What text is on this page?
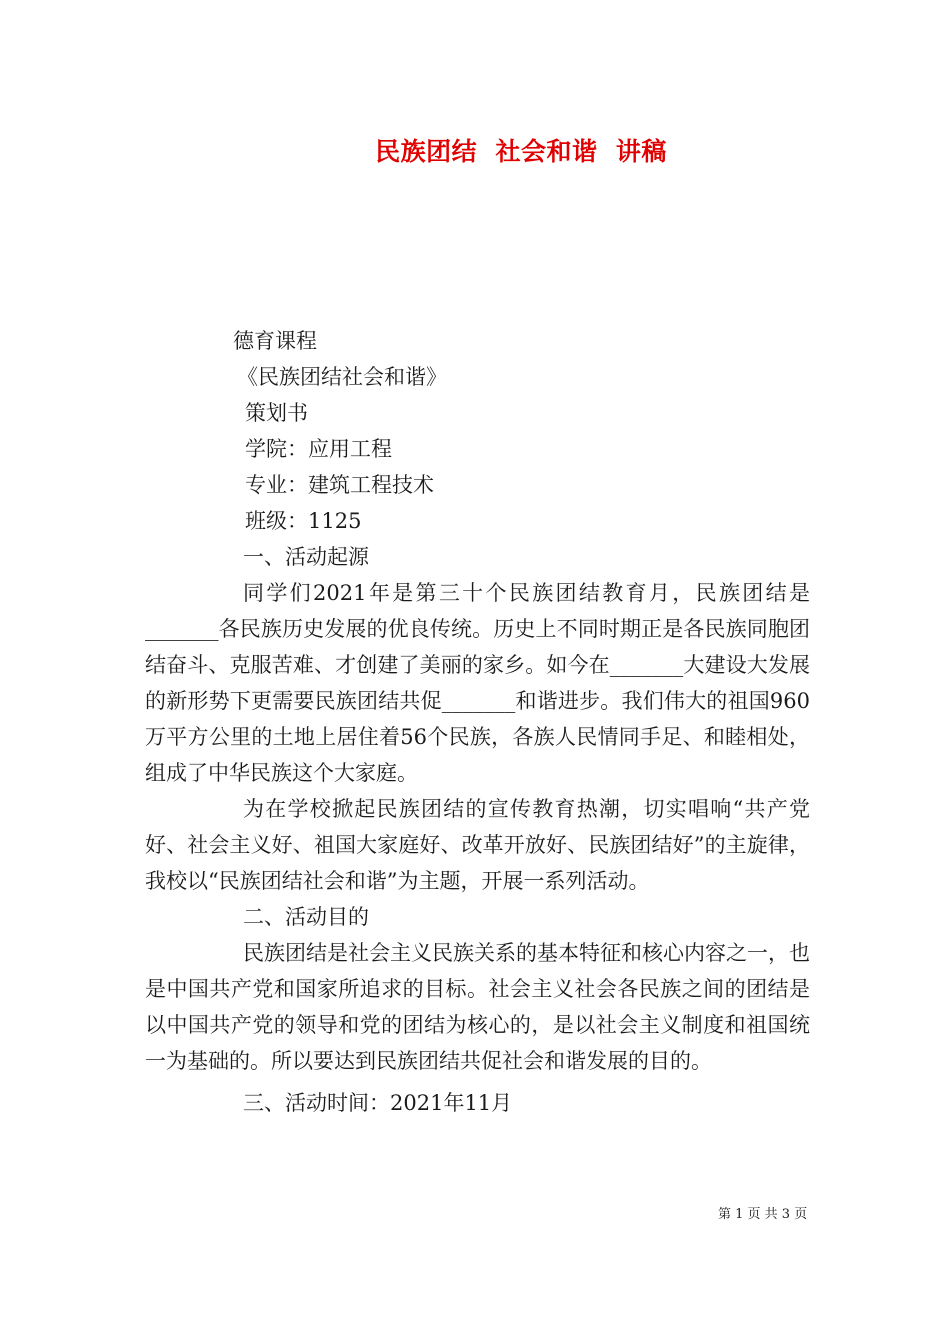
民族团结  社会和谐  讲稿
德育课程
《民族团结社会和谐》
策划书
学院：应用工程
专业：建筑工程技术
班级：1125
一、活动起源

同学们2021年是第三十个民族团结教育月，民族团结是_______各民族历史发展的优良传统。历史上不同时期正是各民族同胞团结奋斗、克服苦难、才创建了美丽的家乡。如今在_______大建设大发展的新形势下更需要民族团结共促_______和谐进步。我们伟大的祖国960万平方公里的土地上居住着56个民族，各族人民情同手足、和睦相处，组成了中华民族这个大家庭。

为在学校掀起民族团结的宣传教育热潮，切实唱响“共产党好、社会主义好、祖国大家庭好、改革开放好、民族团结好”的主旋律，我校以“民族团结社会和谐”为主题，开展一系列活动。

二、活动目的

民族团结是社会主义民族关系的基本特征和核心内容之一，也是中国共产党和国家所追求的目标。社会主义社会各民族之间的团结是以中国共产党的领导和党的团结为核心的，是以社会主义制度和祖国统一为基础的。所以要达到民族团结共促社会和谐发展的目的。

三、活动时间：2021年11月
第 1 页 共 3 页
